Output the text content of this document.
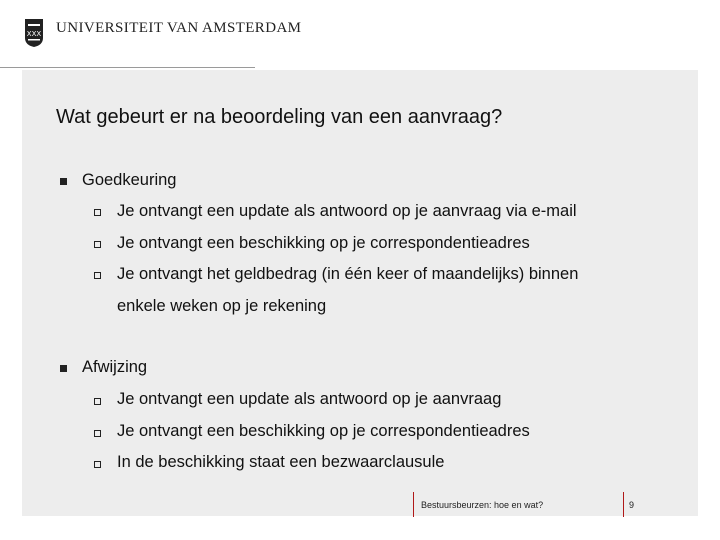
XXX UNIVERSITEIT VAN AMSTERDAM
Wat gebeurt er na beoordeling van een aanvraag?
Goedkeuring
Je ontvangt een update als antwoord op je aanvraag via e-mail
Je ontvangt een beschikking op je correspondentieadres
Je ontvangt het geldbedrag (in één keer of maandelijks) binnen
enkele weken op je rekening
Afwijzing
Je ontvangt een update als antwoord op je aanvraag
Je ontvangt een beschikking op je correspondentieadres
In de beschikking staat een bezwaarclausule
Bestuursbeurzen: hoe en wat?	9
